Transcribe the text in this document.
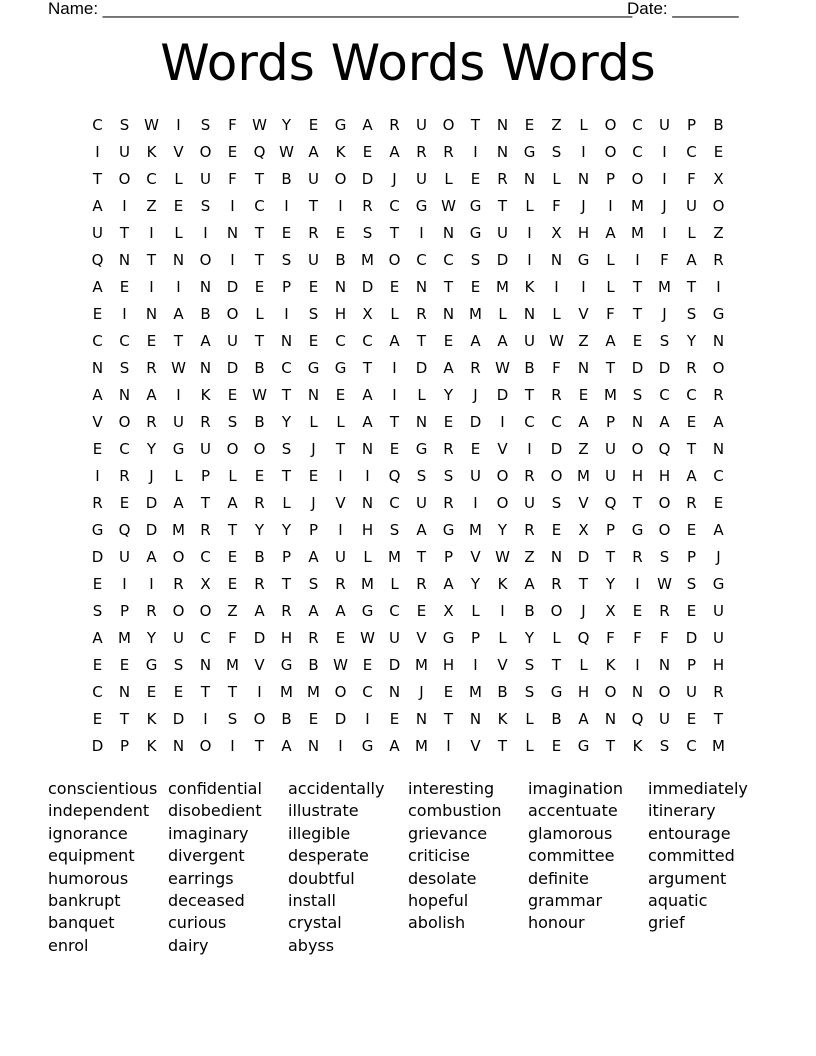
Name: ________________________________________________________
Date: _______
Words Words Words
C	S W	I	S	F	W Y	E	G	A	R	U	O	T	N	E	Z	L	O	C	U	P	B
I	U	K	V	O	E	Q W A	K	E	A	R	R	I	N	G	S	I	O	C	I	C	E
T	O	C	L	U	F	T	B	U	O	D	J	U	L	E	R	N	L	N	P	O	I	F	X
A	I	Z	E	S	I	C	I	T	I	R	C	G W G	T	L	F	J	I	M	J	U	O
U	T	I	L	I	N	T	E	R	E	S	T	I	N	G	U	I	X	H	A	M	I	L	Z
Q	N	T	N	O	I	T	S	U	B	M O	C	C	S	D	I	N	G	L	I	F	A	R
A	E	I	I	N	D	E	P	E	N	D	E	N	T	E	M	K	I	I	L	T	M	T	I
E	I	N	A	B	O	L	I	S	H	X	L	R	N M	L	N	L	V	F	T	J	S	G
C	C	E	T	A	U	T	N	E	C	C	A	T	E	A	A	U W Z	A	E	S	Y	N
N	S	R W N	D	B	C	G	G	T	I	D	A	R W B	F	N	T	D	D	R	O
A	N	A	I	K	E W T	N	E	A	I	L	Y	J	D	T	R	E	M	S	C	C	R
V	O	R	U	R	S	B	Y	L	L	A	T	N	E	D	I	C	C	A	P	N	A	E	A
E	C	Y	G	U	O	O	S	J	T	N	E	G	R	E	V	I	D	Z	U	O	Q	T	N
I	R	J	L	P	L	E	T	E	I	I	Q	S	S	U	O	R	O M	U	H	H	A	C
R	E	D	A	T	A	R	L	J	V	N	C	U	R	I	O	U	S	V	Q	T	O	R	E
G	Q	D M	R	T	Y	Y	P	I	H	S	A	G M	Y	R	E	X	P	G	O	E	A
D	U	A	O	C	E	B	P	A	U	L	M	T	P	V W Z	N	D	T	R	S	P	J
E	I	I	R	X	E	R	T	S	R	M	L	R	A	Y	K	A	R	T	Y	I	W S	G
S	P	R	O	O	Z	A	R	A	A	G	C	E	X	L	I	B	O	J	X	E	R	E	U
A	M	Y	U	C	F	D	H	R	E W U	V	G	P	L	Y	L	Q	F	F	F	D	U
E	E	G	S	N M	V	G	B W E	D M H	I	V	S	T	L	K	I	N	P	H
C	N	E	E	T	T	I	M M O	C	N	J	E	M	B	S	G	H	O	N	O	U	R
E	T	K	D	I	S	O	B	E	D	I	E	N	T	N	K	L	B	A	N	Q	U	E	T
D	P	K	N	O	I	T	A	N	I	G	A	M	I	V	T	L	E	G	T	K	S	C	M
conscientious
independent
ignorance
equipment
humorous
bankrupt
banquet
enrol
confidential
disobedient
imaginary
divergent
earrings
deceased
curious
dairy
accidentally
illustrate
illegible
desperate
doubtful
install
crystal
abyss
interesting
combustion
grievance
criticise
desolate
hopeful
abolish
imagination
accentuate
glamorous
committee
definite
grammar
honour
immediately
itinerary
entourage
committed
argument
aquatic
grief
